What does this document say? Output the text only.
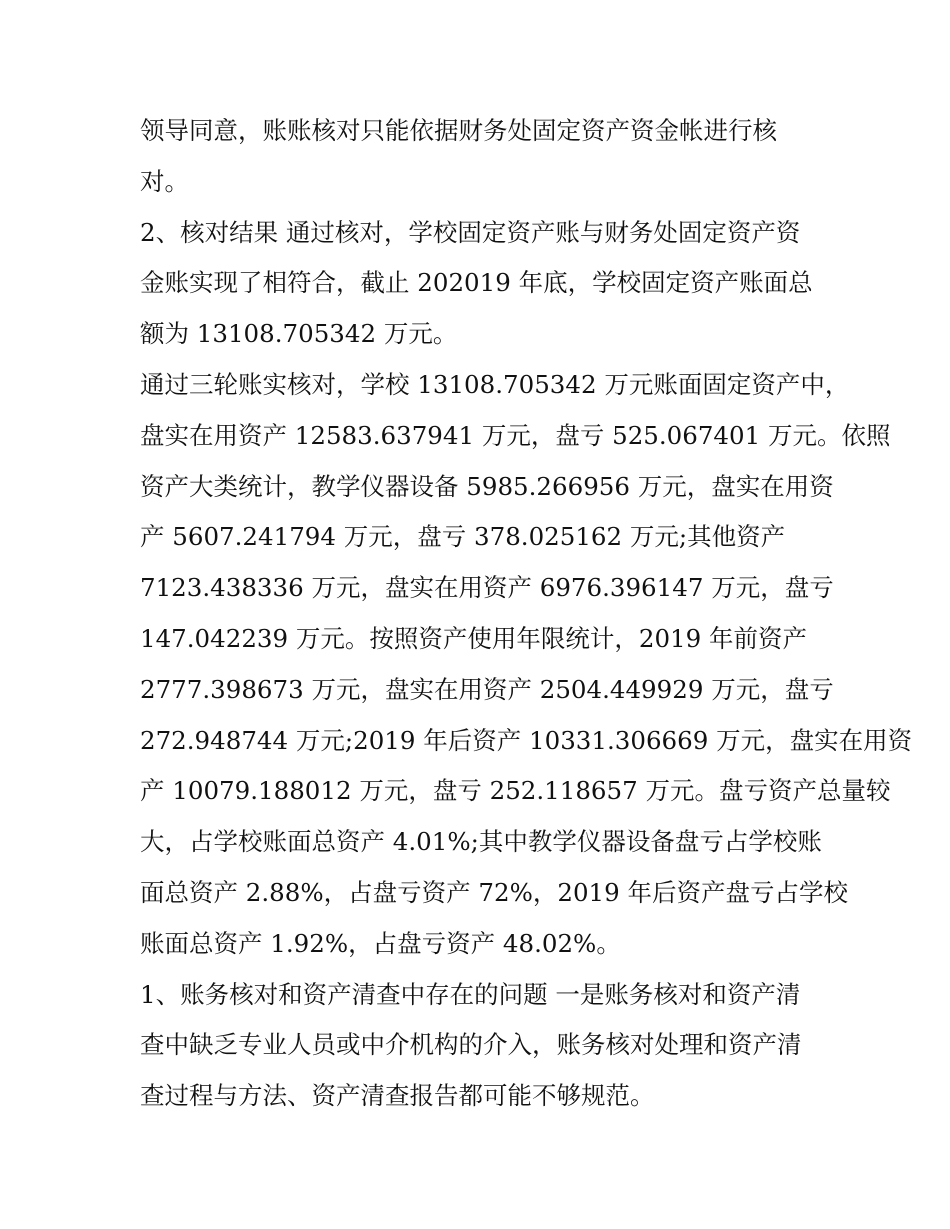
领导同意，账账核对只能依据财务处固定资产资金帐进行核
对。

2、核对结果 通过核对，学校固定资产账与财务处固定资产资
金账实现了相符合，截止 202019 年底，学校固定资产账面总
额为 13108.705342 万元。

通过三轮账实核对，学校 13108.705342 万元账面固定资产中，
盘实在用资产 12583.637941 万元，盘亏 525.067401 万元。依照
资产大类统计，教学仪器设备 5985.266956 万元，盘实在用资
产 5607.241794 万元，盘亏 378.025162 万元;其他资产
7123.438336 万元，盘实在用资产 6976.396147 万元，盘亏
147.042239 万元。按照资产使用年限统计，2019 年前资产
2777.398673 万元，盘实在用资产 2504.449929 万元，盘亏
272.948744 万元;2019 年后资产 10331.306669 万元，盘实在用资
产 10079.188012 万元，盘亏 252.118657 万元。盘亏资产总量较
大，占学校账面总资产 4.01%;其中教学仪器设备盘亏占学校账
面总资产 2.88%，占盘亏资产 72%，2019 年后资产盘亏占学校
账面总资产 1.92%，占盘亏资产 48.02%。

1、账务核对和资产清查中存在的问题 一是账务核对和资产清
查中缺乏专业人员或中介机构的介入，账务核对处理和资产清
查过程与方法、资产清查报告都可能不够规范。
